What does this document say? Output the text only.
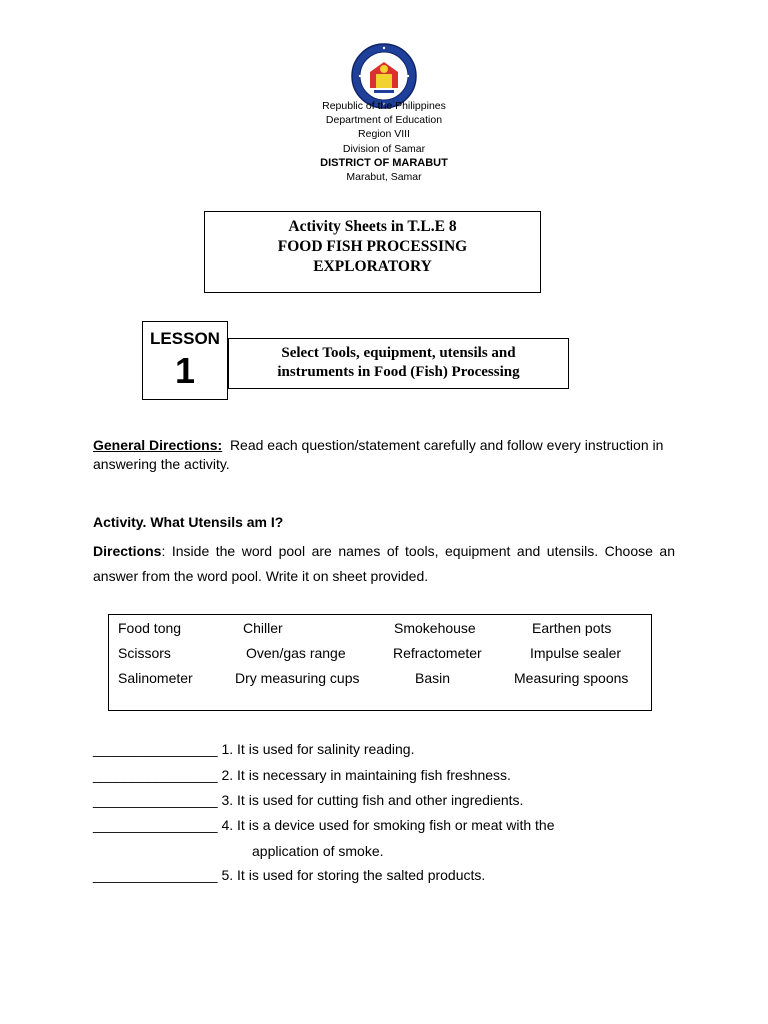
Republic of the Philippines
Department of Education
Region VIII
Division of Samar
DISTRICT OF MARABUT
Marabut, Samar
Activity Sheets in T.L.E 8
FOOD FISH PROCESSING
EXPLORATORY
LESSON
1	Select Tools, equipment, utensils and
instruments in Food (Fish) Processing
General Directions: Read each question/statement carefully and follow every instruction in answering the activity.
Activity. What Utensils am I?
Directions: Inside the word pool are names of tools, equipment and utensils. Choose an answer from the word pool. Write it on sheet provided.
Food tong	Chiller	Smokehouse	Earthen pots
Scissors	Oven/gas range	Refractometer	Impulse sealer
Salinometer	Dry measuring cups	Basin	Measuring spoons
________________ 1. It is used for salinity reading.
________________ 2. It is necessary in maintaining fish freshness.
________________ 3. It is used for cutting fish and other ingredients.
________________ 4. It is a device used for smoking fish or meat with the
application of smoke.
________________ 5. It is used for storing the salted products.
